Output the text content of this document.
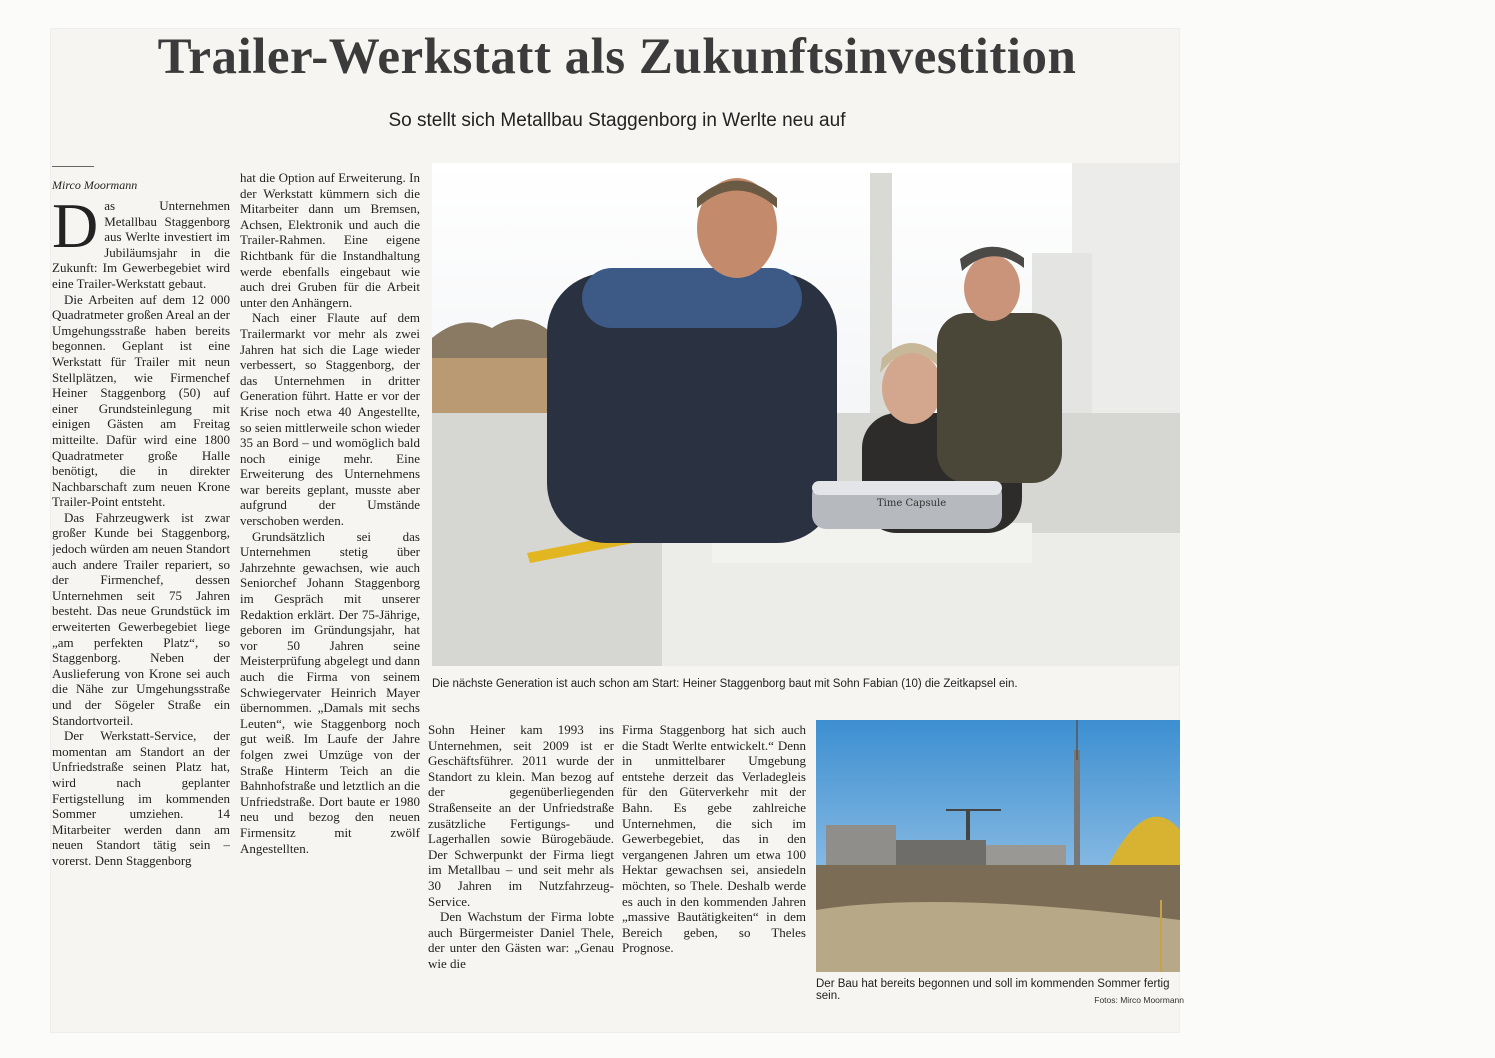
Trailer-Werkstatt als Zukunftsinvestition
So stellt sich Metallbau Staggenborg in Werlte neu auf
Mirco Moormann
D as Unternehmen Metallbau Staggenborg aus Werlte investiert im Jubiläumsjahr in die Zukunft: Im Gewerbegebiet wird eine Trailer-Werkstatt gebaut.

Die Arbeiten auf dem 12 000 Quadratmeter großen Areal an der Umgehungsstraße haben bereits begonnen. Geplant ist eine Werkstatt für Trailer mit neun Stellplätzen, wie Firmenchef Heiner Staggenborg (50) auf einer Grundsteinlegung mit einigen Gästen am Freitag mitteilte. Dafür wird eine 1800 Quadratmeter große Halle benötigt, die in direkter Nachbarschaft zum neuen Krone Trailer-Point entsteht.

Das Fahrzeugwerk ist zwar großer Kunde bei Staggenborg, jedoch würden am neuen Standort auch andere Trailer repariert, so der Firmenchef, dessen Unternehmen seit 75 Jahren besteht. Das neue Grundstück im erweiterten Gewerbegebiet liege „am perfekten Platz“, so Staggenborg. Neben der Auslieferung von Krone sei auch die Nähe zur Umgehungsstraße und der Sögeler Straße ein Standortvorteil.

Der Werkstatt-Service, der momentan am Standort an der Unfriedstraße seinen Platz hat, wird nach geplanter Fertigstellung im kommenden Sommer umziehen. 14 Mitarbeiter werden dann am neuen Standort tätig sein – vorerst. Denn Staggenborg

hat die Option auf Erweiterung. In der Werkstatt kümmern sich die Mitarbeiter dann um Bremsen, Achsen, Elektronik und auch die Trailer-Rahmen. Eine eigene Richtbank für die Instandhaltung werde ebenfalls eingebaut wie auch drei Gruben für die Arbeit unter den Anhängern.

Nach einer Flaute auf dem Trailermarkt vor mehr als zwei Jahren hat sich die Lage wieder verbessert, so Staggenborg, der das Unternehmen in dritter Generation führt. Hatte er vor der Krise noch etwa 40 Angestellte, so seien mittlerweile schon wieder 35 an Bord – und womöglich bald noch einige mehr. Eine Erweiterung des Unternehmens war bereits geplant, musste aber aufgrund der Umstände verschoben werden.

Grundsätzlich sei das Unternehmen stetig über Jahrzehnte gewachsen, wie auch Seniorchef Johann Staggenborg im Gespräch mit unserer Redaktion erklärt. Der 75-Jährige, geboren im Gründungsjahr, hat vor 50 Jahren seine Meisterprüfung abgelegt und dann auch die Firma von seinem Schwiegervater Heinrich Mayer übernommen. „Damals mit sechs Leuten“, wie Staggenborg noch gut weiß. Im Laufe der Jahre folgen zwei Umzüge von der Straße Hinterm Teich an die Bahnhofstraße und letztlich an die Unfriedstraße. Dort baute er 1980 neu und bezog den neuen Firmensitz mit zwölf Angestellten.

Time Capsule
Die nächste Generation ist auch schon am Start: Heiner Staggenborg baut mit Sohn Fabian (10) die Zeitkapsel ein.

Sohn Heiner kam 1993 ins Unternehmen, seit 2009 ist er Geschäftsführer. 2011 wurde der Standort zu klein. Man bezog auf der gegenüberliegenden Straßenseite an der Unfriedstraße zusätzliche Fertigungs- und Lagerhallen sowie Bürogebäude. Der Schwerpunkt der Firma liegt im Metallbau – und seit mehr als 30 Jahren im Nutzfahrzeug-Service.

Den Wachstum der Firma lobte auch Bürgermeister Daniel Thele, der unter den Gästen war: „Genau wie die

Firma Staggenborg hat sich auch die Stadt Werlte entwickelt.“ Denn in unmittelbarer Umgebung entstehe derzeit das Verladegleis für den Güterverkehr mit der Bahn. Es gebe zahlreiche Unternehmen, die sich im Gewerbegebiet, das in den vergangenen Jahren um etwa 100 Hektar gewachsen sei, ansiedeln möchten, so Thele. Deshalb werde es auch in den kommenden Jahren „massive Bautätigkeiten“ in dem Bereich geben, so Theles Prognose.

Der Bau hat bereits begonnen und soll im kommenden Sommer fertig sein.	Fotos: Mirco Moormann
